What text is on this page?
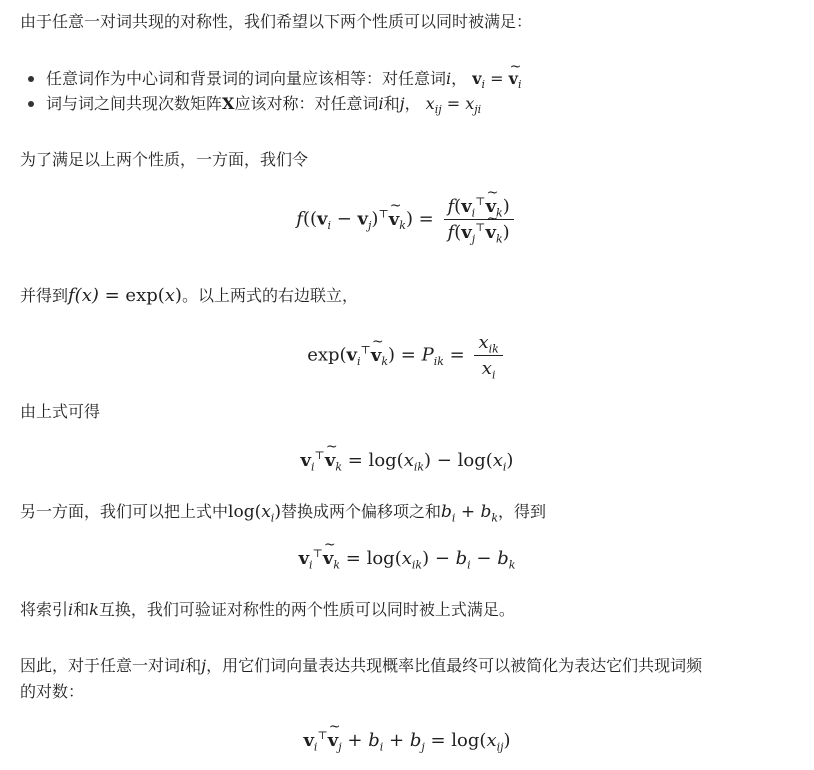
由于任意一对词共现的对称性，我们希望以下两个性质可以同时被满足：
任意词作为中心词和背景词的词向量应该相等：对任意词i， $v_i$ = ~ $v_i$
词与词之间共现次数矩阵X应该对称：对任意词i和j， $x_{ij} = x_{ji}$
为了满足以上两个性质，一方面，我们令
$f((v_i$ − $v_j)^⊤\sim$ $v_k) = \frac{f(v_i^⊤\sim v_k)}{f(v_j^⊤\sim v_k)}$
并得到f(x) = exp(x)。以上两式的右边联立，
$\exp(v_i^⊤\sim$ $v_k) = P_{ik} = \frac{x_{ik}}{x_i}$
由上式可得
$v_i^⊤\sim$ $v_k = \log(x_{ik}) - \log(x_i)$
另一方面，我们可以把上式中$\log(x_i)$替换成两个偏移项之和$b_i + b_k$，得到
$v_i^⊤\sim$ $v_k = \log(x_{ik}) - b_i - b_k$
将索引i和k互换，我们可验证对称性的两个性质可以同时被上式满足。
因此，对于任意一对词i和j，用它们词向量表达共现概率比值最终可以被简化为表达它们共现词频
的对数：
$v_i^⊤\sim$ $v_j + b_i + b_j = \log(x_{ij})$
